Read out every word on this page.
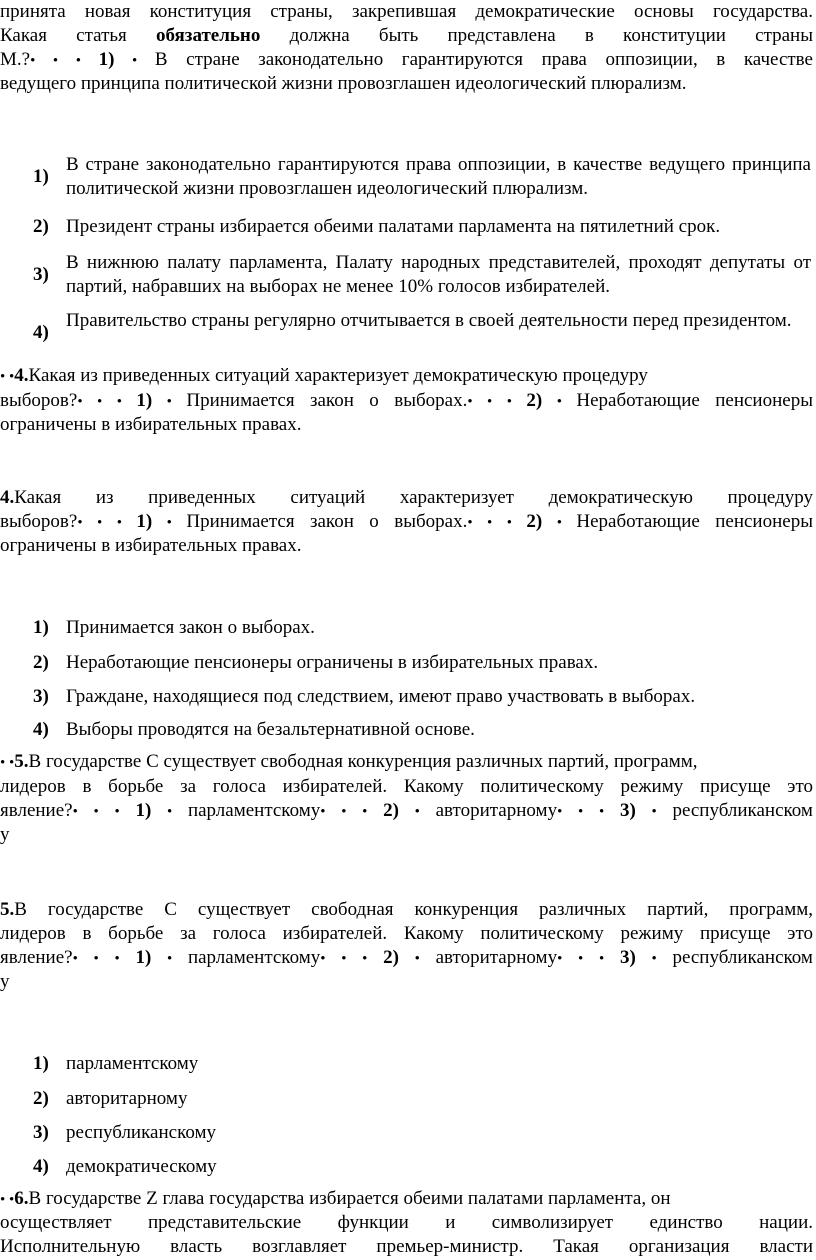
принята новая конституция страны, закрепившая демократические основы государства.

Какая статья обязательно должна быть представлена в конституции страны

М.?• • • 1) • В стране законодательно гарантируются права оппозиции, в качестве

ведущего принципа политической жизни провозглашен идеологический плюрализм.

1)
В стране законодательно гарантируются права оппозиции, в качестве ведущего принципа политической жизни провозглашен идеологический плюрализм.
2) Президент страны избирается обеими палатами парламента на пятилетний срок.
3)
В нижнюю палату парламента, Палату народных представителей, проходят депутаты от партий, набравших на выборах не менее 10% голосов избирателей.
4)
Правительство страны регулярно отчитывается в своей деятельности перед президентом.

• •4.Какая из приведенных ситуаций характеризует демократическую процедуру

выборов?• • • 1) • Принимается закон о выборах.• • • 2) • Неработающие пенсионеры

ограничены в избирательных правах.

4.Какая из приведенных ситуаций характеризует демократическую процедуру

выборов?• • • 1) • Принимается закон о выборах.• • • 2) • Неработающие пенсионеры

ограничены в избирательных правах.

1) Принимается закон о выборах.
2) Неработающие пенсионеры ограничены в избирательных правах.
3) Граждане, находящиеся под следствием, имеют право участвовать в выборах.
4) Выборы проводятся на безальтернативной основе.

• •5.В государстве С существует свободная конкуренция различных партий, программ,

лидеров в борьбе за голоса избирателей. Какому политическому режиму присуще это

явление?• • • 1) • парламентскому• • • 2) • авторитарному• • • 3) • республиканском

у

5.В государстве С существует свободная конкуренция различных партий, программ,

лидеров в борьбе за голоса избирателей. Какому политическому режиму присуще это

явление?• • • 1) • парламентскому• • • 2) • авторитарному• • • 3) • республиканском

у

1) парламентскому
2) авторитарному
3) республиканскому
4) демократическому

• •6.В государстве Z глава государства избирается обеими палатами парламента, он

осуществляет представительские функции и символизирует единство нации.

Исполнительную власть возглавляет премьер-министр. Такая организация власти
